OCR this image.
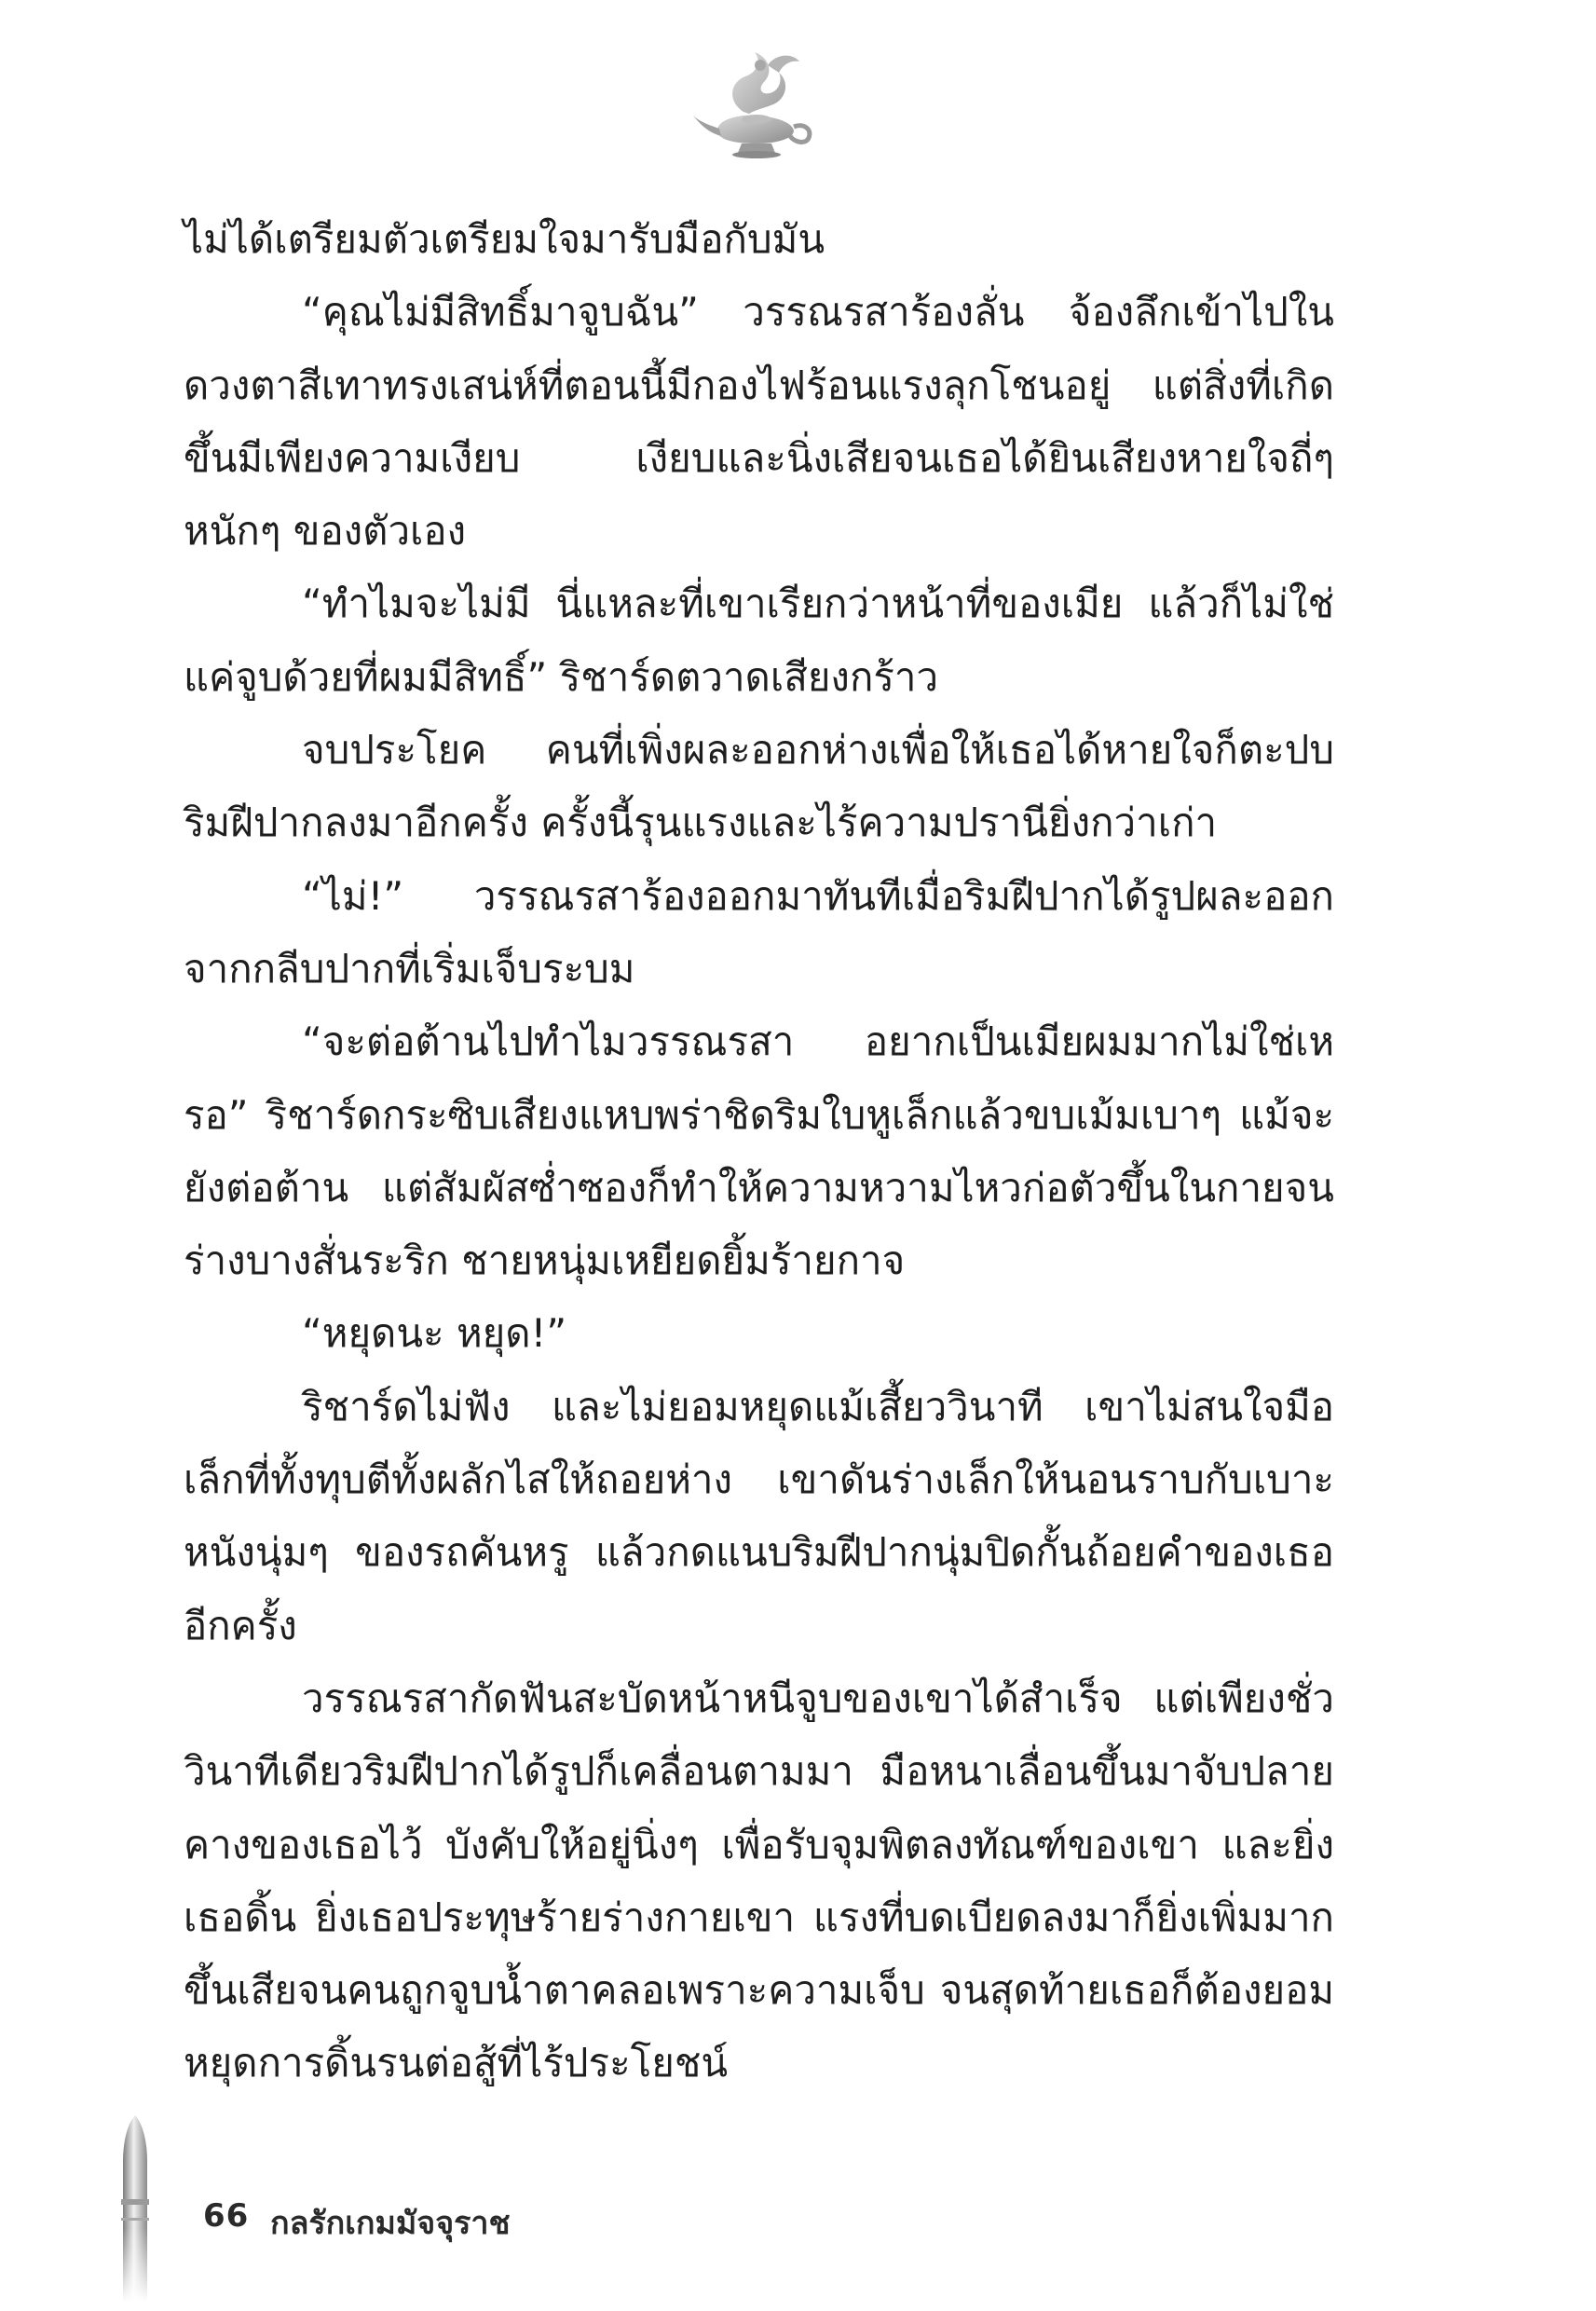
ไม่ได้เตรียมตัวเตรียมใจมารับมือกับมัน

“คุณไม่มีสิทธิ์มาจูบฉัน” วรรณรสาร้องลั่น จ้องลึกเข้าไปในดวงตาสีเทาทรงเสน่ห์ที่ตอนนี้มีกองไฟร้อนแรงลุกโชนอยู่ แต่สิ่งที่เกิดขึ้นมีเพียงความเงียบ เงียบและนิ่งเสียจนเธอได้ยินเสียงหายใจถี่ๆ หนักๆ ของตัวเอง

“ทำไมจะไม่มี นี่แหละที่เขาเรียกว่าหน้าที่ของเมีย แล้วก็ไม่ใช่แค่จูบด้วยที่ผมมีสิทธิ์” ริชาร์ดตวาดเสียงกร้าว

จบประโยค คนที่เพิ่งผละออกห่างเพื่อให้เธอได้หายใจก็ตะปบริมฝีปากลงมาอีกครั้ง ครั้งนี้รุนแรงและไร้ความปรานียิ่งกว่าเก่า

“ไม่!” วรรณรสาร้องออกมาทันทีเมื่อริมฝีปากได้รูปผละออกจากกลีบปากที่เริ่มเจ็บระบม

“จะต่อต้านไปทำไมวรรณรสา อยากเป็นเมียผมมากไม่ใช่เหรอ” ริชาร์ดกระซิบเสียงแหบพร่าชิดริมใบหูเล็กแล้วขบเม้มเบาๆ แม้จะยังต่อต้าน แต่สัมผัสซ่ำซองก็ทำให้ความหวามไหวก่อตัวขึ้นในกายจนร่างบางสั่นระริก ชายหนุ่มเหยียดยิ้มร้ายกาจ

“หยุดนะ หยุด!”

ริชาร์ดไม่ฟัง และไม่ยอมหยุดแม้เสี้ยววินาที เขาไม่สนใจมือเล็กที่ทั้งทุบตีทั้งผลักไสให้ถอยห่าง เขาดันร่างเล็กให้นอนราบกับเบาะหนังนุ่มๆ ของรถคันหรู แล้วกดแนบริมฝีปากนุ่มปิดกั้นถ้อยคำของเธออีกครั้ง

วรรณรสากัดฟันสะบัดหน้าหนีจูบของเขาได้สำเร็จ แต่เพียงชั่ววินาทีเดียวริมฝีปากได้รูปก็เคลื่อนตามมา มือหนาเลื่อนขึ้นมาจับปลายคางของเธอไว้ บังคับให้อยู่นิ่งๆ เพื่อรับจุมพิตลงทัณฑ์ของเขา และยิ่งเธอดิ้น ยิ่งเธอประทุษร้ายร่างกายเขา แรงที่บดเบียดลงมาก็ยิ่งเพิ่มมากขึ้นเสียจนคนถูกจูบน้ำตาคลอเพราะความเจ็บ จนสุดท้ายเธอก็ต้องยอมหยุดการดิ้นรนต่อสู้ที่ไร้ประโยชน์

66 กลรักเกมมัจจุราช
